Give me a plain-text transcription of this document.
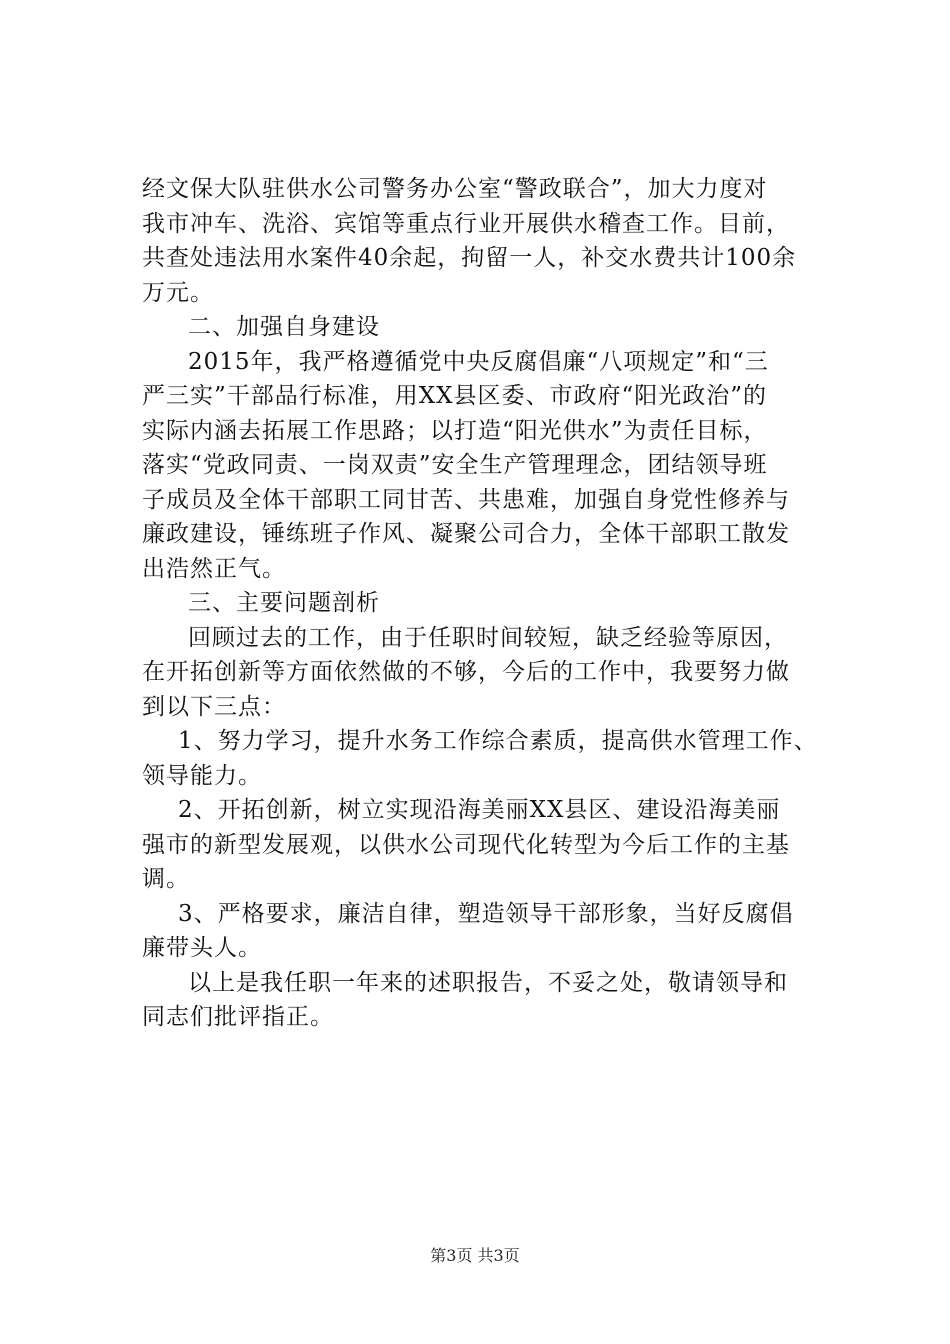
经文保大队驻供水公司警务办公室“警政联合”，加大力度对
我市冲车、洗浴、宾馆等重点行业开展供水稽查工作。目前，
共查处违法用水案件40余起，拘留一人，补交水费共计100余
万元。
二、加强自身建设
2015年，我严格遵循党中央反腐倡廉“八项规定”和“三
严三实”干部品行标准，用XX县区委、市政府“阳光政治”的
实际内涵去拓展工作思路；以打造“阳光供水”为责任目标，
落实“党政同责、一岗双责”安全生产管理理念，团结领导班
子成员及全体干部职工同甘苦、共患难，加强自身党性修养与
廉政建设，锤练班子作风、凝聚公司合力，全体干部职工散发
出浩然正气。
三、主要问题剖析
回顾过去的工作，由于任职时间较短，缺乏经验等原因，
在开拓创新等方面依然做的不够，今后的工作中，我要努力做
到以下三点：
1、努力学习，提升水务工作综合素质，提高供水管理工作、
领导能力。
2、开拓创新，树立实现沿海美丽XX县区、建设沿海美丽
强市的新型发展观，以供水公司现代化转型为今后工作的主基
调。
3、严格要求，廉洁自律，塑造领导干部形象，当好反腐倡
廉带头人。
以上是我任职一年来的述职报告，不妥之处，敬请领导和
同志们批评指正。
第3页 共3页
